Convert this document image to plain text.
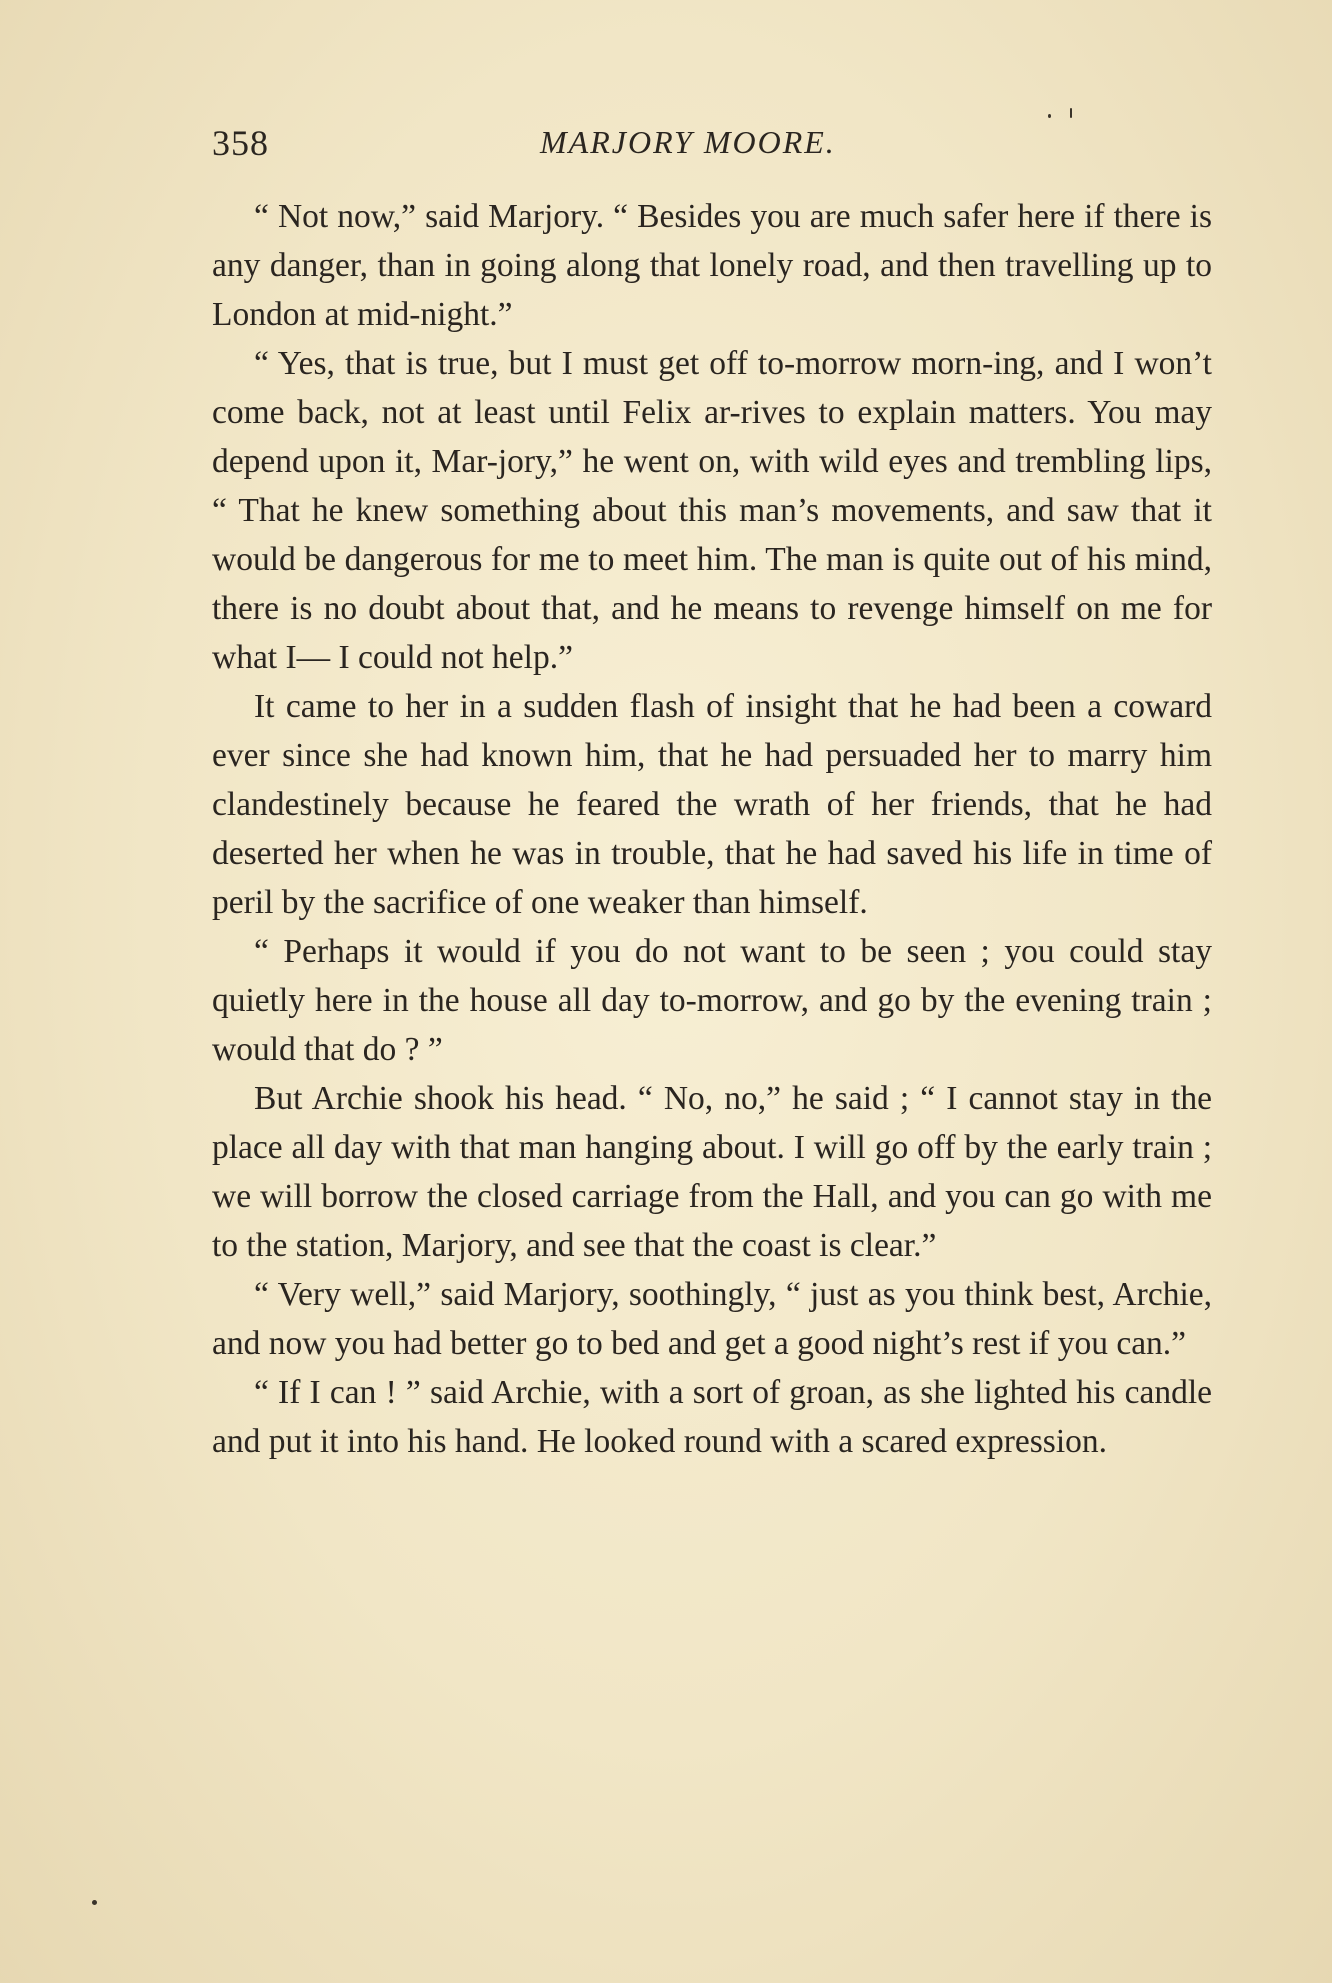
358	MARJORY MOORE.

“ Not now,” said Marjory. “ Besides you are much safer here if there is any danger, than in going along that lonely road, and then travelling up to London at mid-night.”

“ Yes, that is true, but I must get off to-morrow morn-ing, and I won’t come back, not at least until Felix ar-rives to explain matters. You may depend upon it, Mar-jory,” he went on, with wild eyes and trembling lips, “ That he knew something about this man’s movements, and saw that it would be dangerous for me to meet him. The man is quite out of his mind, there is no doubt about that, and he means to revenge himself on me for what I— I could not help.”

It came to her in a sudden flash of insight that he had been a coward ever since she had known him, that he had persuaded her to marry him clandestinely because he feared the wrath of her friends, that he had deserted her when he was in trouble, that he had saved his life in time of peril by the sacrifice of one weaker than himself.

“ Perhaps it would if you do not want to be seen ; you could stay quietly here in the house all day to-morrow, and go by the evening train ; would that do ? ”

But Archie shook his head. “ No, no,” he said ; “ I cannot stay in the place all day with that man hanging about. I will go off by the early train ; we will borrow the closed carriage from the Hall, and you can go with me to the station, Marjory, and see that the coast is clear.”

“ Very well,” said Marjory, soothingly, “ just as you think best, Archie, and now you had better go to bed and get a good night’s rest if you can.”

“ If I can ! ” said Archie, with a sort of groan, as she lighted his candle and put it into his hand. He looked round with a scared expression.
